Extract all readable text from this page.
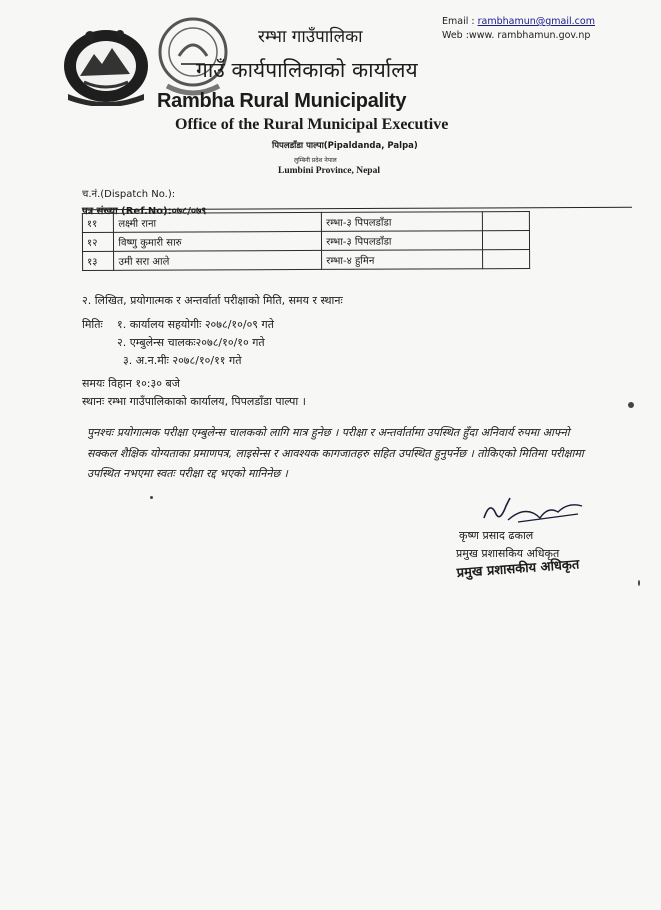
Email : rambhamun@gmail.com
Web :www. rambhamun.gov.np
रम्भा गाउँपालिका
गाउँ कार्यपालिकाको कार्यालय
Rambha Rural Municipality
Office of the Rural Municipal Executive
पिपलडाँडा पाल्पा(Pipaldanda, Palpa)
लुम्बिनी प्रदेश नेपाल
Lumbini Province, Nepal
च.नं.(Dispatch No.):
पत्र संख्या (Ref.No):०७८/०७९
११	लक्ष्मी राना	रम्भा-३ पिपलडाँडा	
१२	विष्णु कुमारी सारु	रम्भा-३ पिपलडाँडा	
१३	उमी सरा आले	रम्भा-४ हुमिन	
२. लिखित, प्रयोगात्मक र अन्तर्वार्ता परीक्षाको मिति, समय र स्थानः
मितिः १. कार्यालय सहयोगीः २०७८/१०/०९ गते
२. एम्बुलेन्स चालकः२०७८/१०/१० गते
३. अ.न.मीः २०७८/१०/११ गते
समयः विहान १०:३० बजे
स्थानः रम्भा गाउँपालिकाको कार्यालय, पिपलडाँडा पाल्पा ।
पुनश्चः प्रयोगात्मक परीक्षा एम्बुलेन्स चालकको लागि मात्र हुनेछ । परीक्षा र अन्तर्वार्तामा उपस्थित हुँदा अनिवार्य रुपमा आफ्नो सक्कल शैक्षिक योग्यताका प्रमाणपत्र, लाइसेन्स र आवश्यक कागजातहरु सहित उपस्थित हुनुपर्नेछ । तोकिएको मितिमा परीक्षामा उपस्थित नभएमा स्वतः परीक्षा रद्द भएको मानिनेछ ।
कृष्ण प्रसाद ढकाल
प्रमुख प्रशासकिय अधिकृत
प्रमुख प्रशासकीय अधिकृत
